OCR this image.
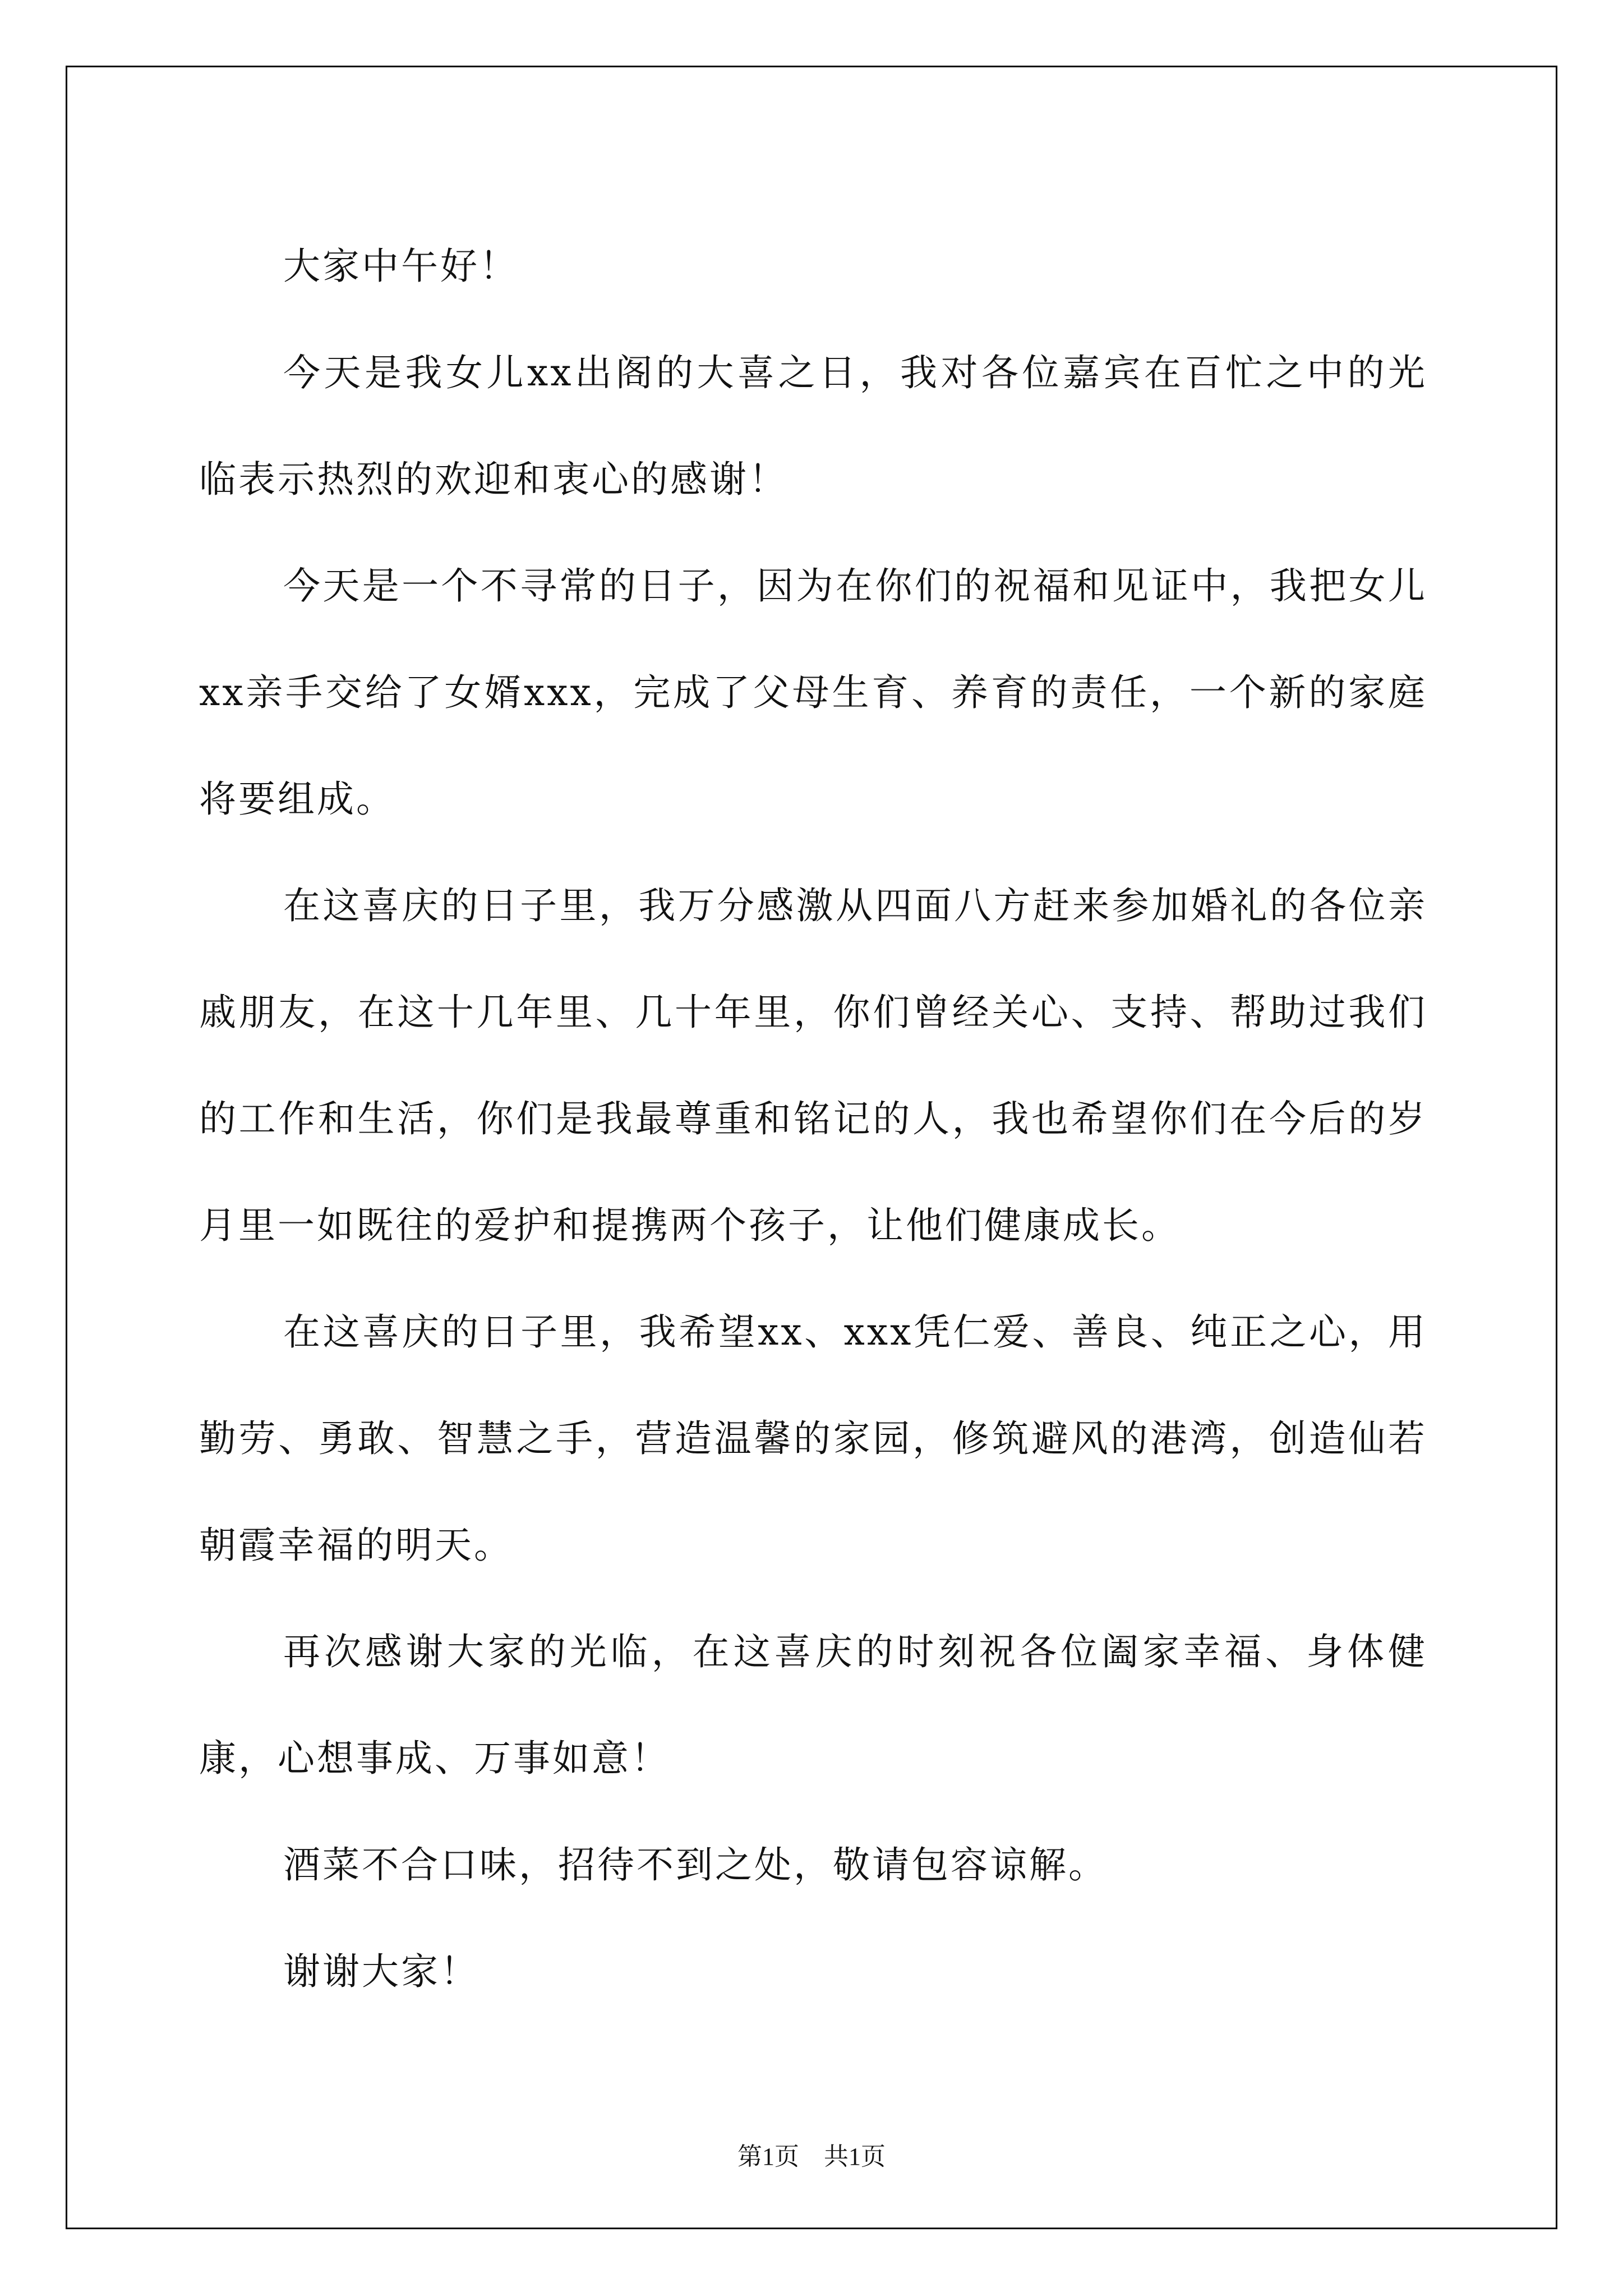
大家中午好！

今天是我女儿xx出阁的大喜之日，我对各位嘉宾在百忙之中的光临表示热烈的欢迎和衷心的感谢！

今天是一个不寻常的日子，因为在你们的祝福和见证中，我把女儿xx亲手交给了女婿xxx，完成了父母生育、养育的责任，一个新的家庭将要组成。

在这喜庆的日子里，我万分感激从四面八方赶来参加婚礼的各位亲戚朋友，在这十几年里、几十年里，你们曾经关心、支持、帮助过我们的工作和生活，你们是我最尊重和铭记的人，我也希望你们在今后的岁月里一如既往的爱护和提携两个孩子，让他们健康成长。

在这喜庆的日子里，我希望xx、xxx凭仁爱、善良、纯正之心，用勤劳、勇敢、智慧之手，营造温馨的家园，修筑避风的港湾，创造仙若朝霞幸福的明天。

再次感谢大家的光临，在这喜庆的时刻祝各位阖家幸福、身体健康，心想事成、万事如意！

酒菜不合口味，招待不到之处，敬请包容谅解。

谢谢大家！

第1页 共1页
